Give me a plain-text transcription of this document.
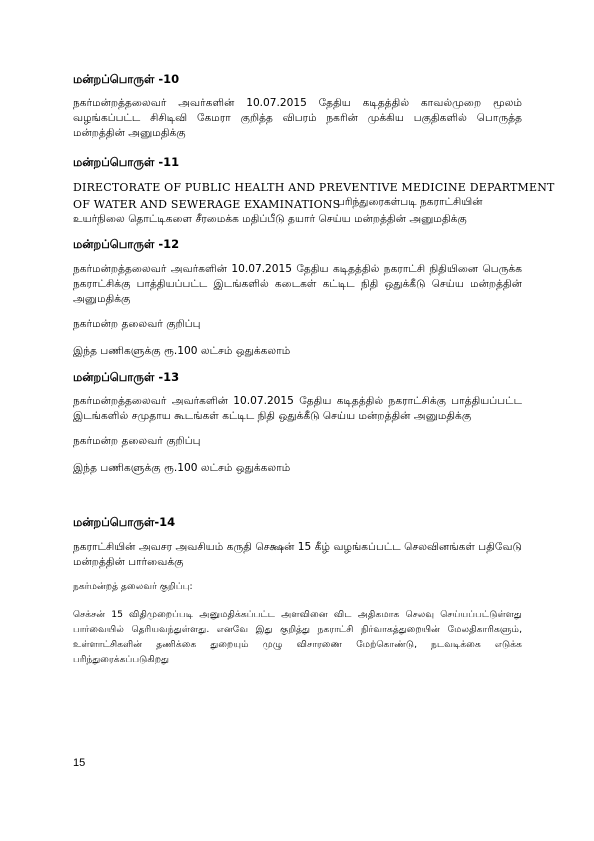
மன்றப்பொருள் -10
நகர்மன்றத்தலைவர் அவர்களின் 10.07.2015 தேதிய கடிதத்தில் காவல்முறை மூலம் வழங்கப்பட்ட சிசிடிவி கேமரா குறித்த விபரம் நகரின் முக்கிய பகுதிகளில் பொருத்த மன்றத்தின் அனுமதிக்கு
மன்றப்பொருள் -11
DIRECTORATE OF PUBLIC HEALTH AND PREVENTIVE MEDICINE DEPARTMENT
OF WATER AND SEWERAGE EXAMINATIONS
பரிந்துரைகள்படி நகராட்சியின்
உயர்நிலை தொட்டிகளை சீரமைக்க மதிப்பீடு தயார் செய்ய மன்றத்தின் அனுமதிக்கு
மன்றப்பொருள் -12
நகர்மன்றத்தலைவர் அவர்களின் 10.07.2015 தேதிய கடிதத்தில் நகராட்சி நிதியினை பெருக்க நகராட்சிக்கு பாத்தியப்பட்ட இடங்களில் கடைகள் கட்டிட நிதி ஒதுக்கீடு செய்ய மன்றத்தின் அனுமதிக்கு
நகர்மன்ற தலைவர் குறிப்பு
இந்த பணிகளுக்கு ரூ.100 லட்சம் ஒதுக்கலாம்
மன்றப்பொருள் -13
நகர்மன்றத்தலைவர் அவர்களின் 10.07.2015 தேதிய கடிதத்தில் நகராட்சிக்கு பாத்தியப்பட்ட இடங்களில் சமுதாய கூடங்கள் கட்டிட நிதி ஒதுக்கீடு செய்ய மன்றத்தின் அனுமதிக்கு
நகர்மன்ற தலைவர் குறிப்பு
இந்த பணிகளுக்கு ரூ.100 லட்சம் ஒதுக்கலாம்
மன்றப்பொருள்-14
நகராட்சியின் அவசர அவசியம் கருதி செக்ஷன் 15 கீழ் வழங்கப்பட்ட செலவினங்கள் பதிவேடு மன்றத்தின் பார்வைக்கு
நகர்மன்றத் தலைவர் குறிப்பு:
செக்சன் 15 விதிமுறைப்படி அனுமதிக்கப்பட்ட அளவினை விட அதிகமாக செலவு செய்யப்பட்டுள்ளது பார்வையில் தெரியவந்துள்ளது. எனவே இது குறித்து நகராட்சி நிர்வாகத்துறையின் மேலதிகாரிகளும், உள்ளாட்சிகளின் தணிக்கை துறையும் முழு விசாரணை மேற்கொண்டு, நடவடிக்கை எடுக்க பரிந்துரைக்கப்படுகிறது
15
